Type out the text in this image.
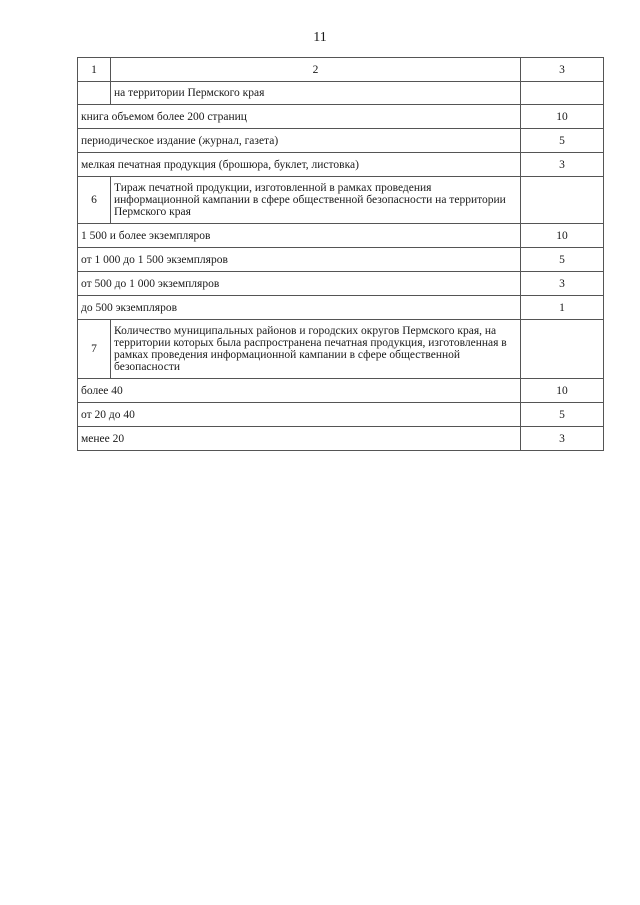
11
1	2	3
	на территории Пермского края	
книга объемом более 200 страниц		10
периодическое издание (журнал, газета)		5
мелкая печатная продукция (брошюра, буклет, листовка)		3
6	Тираж печатной продукции, изготовленной в рамках проведения информационной кампании в сфере общественной безопасности на территории Пермского края	
1 500 и более экземпляров		10
от 1 000 до 1 500 экземпляров		5
от 500 до 1 000 экземпляров		3
до 500 экземпляров		1
7	Количество муниципальных районов и городских округов Пермского края, на территории которых была распространена печатная продукция, изготовленная в рамках проведения информационной кампании в сфере общественной безопасности	
более 40		10
от 20 до 40		5
менее 20		3
